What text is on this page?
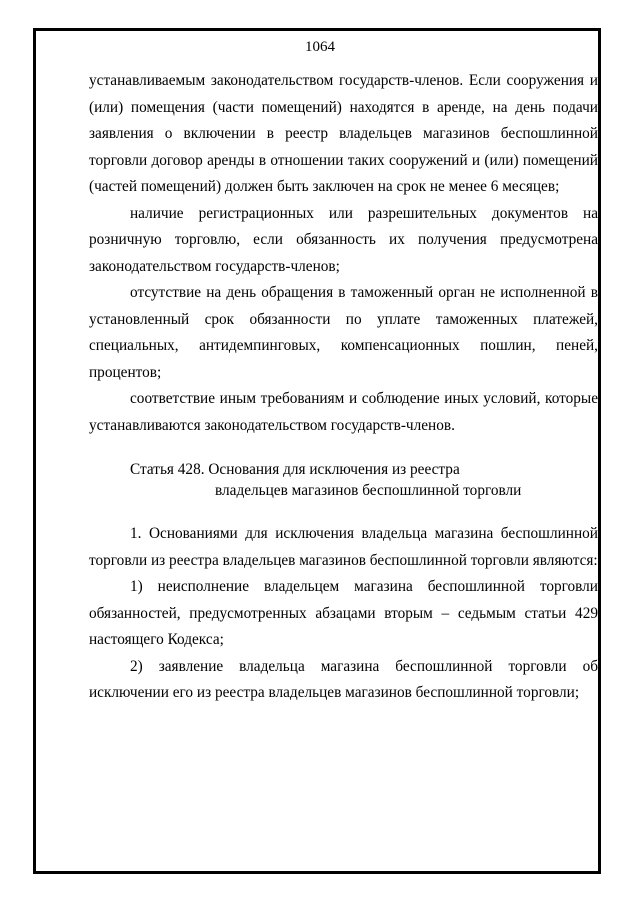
1064

устанавливаемым законодательством государств-членов. Если сооружения и (или) помещения (части помещений) находятся в аренде, на день подачи заявления о включении в реестр владельцев магазинов беспошлинной торговли договор аренды в отношении таких сооружений и (или) помещений (частей помещений) должен быть заключен на срок не менее 6 месяцев;

наличие регистрационных или разрешительных документов на розничную торговлю, если обязанность их получения предусмотрена законодательством государств-членов;

отсутствие на день обращения в таможенный орган не исполненной в установленный срок обязанности по уплате таможенных платежей, специальных, антидемпинговых, компенсационных пошлин, пеней, процентов;

соответствие иным требованиям и соблюдение иных условий, которые устанавливаются законодательством государств-членов.

Статья 428. Основания для исключения из реестра
владельцев магазинов беспошлинной торговли

1. Основаниями для исключения владельца магазина беспошлинной торговли из реестра владельцев магазинов беспошлинной торговли являются:

1) неисполнение владельцем магазина беспошлинной торговли обязанностей, предусмотренных абзацами вторым – седьмым статьи 429 настоящего Кодекса;

2) заявление владельца магазина беспошлинной торговли об исключении его из реестра владельцев магазинов беспошлинной торговли;
